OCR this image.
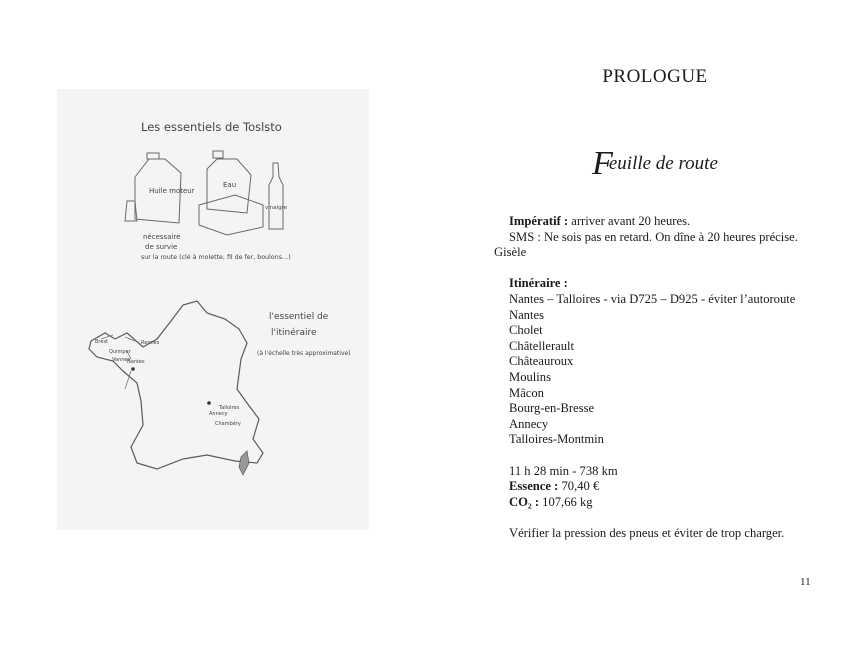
Les essentiels de Toslsto
Huile moteur
Eau
vinaigre
nécessaire
de survie
sur la route (clé à molette, fil de fer, boulons…)
Brest
Quimper
Vannes
Nantes
Rennes
Talloires
Annecy
Chambéry
l'essentiel de
l'itinéraire
(à l'échelle très approximative)
PROLOGUE
Feuille de route
Impératif : arriver avant 20 heures.
SMS : Ne sois pas en retard. On dîne à 20 heures précise.
Gisèle
Itinéraire :
Nantes – Talloires - via D725 – D925 - éviter l’autoroute
Nantes
Cholet
Châtellerault
Châteauroux
Moulins
Mâcon
Bourg-en-Bresse
Annecy
Talloires-Montmin
11 h 28 min - 738 km
Essence : 70,40 €
CO₂ : 107,66 kg
Vérifier la pression des pneus et éviter de trop charger.
11
